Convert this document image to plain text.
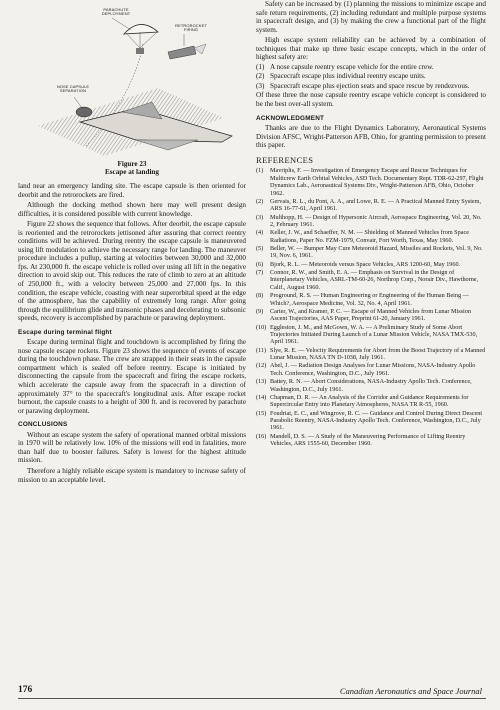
PARACHUTE DEPLOYMENT
RETROROCKET FIRING
NOSE CAPSULE SEPARATION
Figure 23
Escape at landing

land near an emergency landing site. The escape capsule is then oriented for deorbit and the retrorockets are fired.

Although the docking method shown here may well present design difficulties, it is considered possible with current knowledge.

Figure 22 shows the sequence that follows. After deorbit, the escape capsule is reoriented and the retrorockets jettisoned after assuring that correct reentry conditions will be achieved. During reentry the escape capsule is maneuvered using lift modulation to achieve the necessary range for landing. The maneuver procedure includes a pullup, starting at velocities between 30,000 and 32,000 fps. At 230,000 ft. the escape vehicle is rolled over using all lift in the negative direction to avoid skip out. This reduces the rate of climb to zero at an altitude of 250,000 ft., with a velocity between 25,000 and 27,000 fps. In this condition, the escape vehicle, coasting with near superorbital speed at the edge of the atmosphere, has the capability of extremely long range. After going through the equilibrium glide and transonic phases and decelerating to subsonic speeds, recovery is accomplished by parachute or parawing deployment.

Escape during terminal flight

Escape during terminal flight and touchdown is accomplished by firing the nose capsule escape rockets. Figure 23 shows the sequence of events of escape during the touchdown phase. The crew are strapped in their seats in the capsule compartment which is sealed off before reentry. Escape is initiated by disconnecting the capsule from the spacecraft and firing the escape rockets, which accelerate the capsule away from the spacecraft in a direction of approximately 37° to the spacecraft's longitudinal axis. After escape rocket burnout, the capsule coasts to a height of 300 ft. and is recovered by parachute or parawing deployment.

CONCLUSIONS

Without an escape system the safety of operational manned orbital missions in 1970 will be relatively low. 10% of the missions will end in fatalities, more than half due to booster failures. Safety is lowest for the highest altitude mission.

Therefore a highly reliable escape system is mandatory to increase safety of mission to an acceptable level.

Safety can be increased by (1) planning the missions to minimize escape and safe return requirements, (2) including redundant and multiple purpose systems in spacecraft design, and (3) by making the crew a functional part of the flight system.

High escape system reliability can be achieved by a combination of techniques that make up three basic escape concepts, which in the order of highest safety are:

(1) A nose capsule reentry escape vehicle for the entire crew.
(2) Spacecraft escape plus individual reentry escape units.
(3) Spacecraft escape plus ejection seats and space rescue by rendezvous.

Of these three the nose capsule reentry escape vehicle concept is considered to be the best over-all system.

ACKNOWLEDGMENT

Thanks are due to the Flight Dynamics Laboratory, Aeronautical Systems Division AFSC, Wright-Patterson AFB, Ohio, for granting permission to present this paper.

REFERENCES
(1)	Mavriplis, F. — Investigation of Emergency Escape and Rescue Techniques for Multicrew Earth Orbital Vehicles, ASD Tech. Documentary Rept. TDR-62-297, Flight Dynamics Lab., Aeronautical Systems Div., Wright-Patterson AFB, Ohio, October 1962.
(2)	Gervais, R. L., du Pont, A. A., and Lowe, R. E. — A Practical Manned Entry System, ARS 16-77-61, April 1961.
(3)	Multhopp, H. — Design of Hypersonic Aircraft, Aerospace Engineering, Vol. 20, No. 2, February 1961.
(4)	Keller, J. W., and Schaeffer, N. M. — Shielding of Manned Vehicles from Space Radiations, Paper No. FZM-1979, Convair, Fort Worth, Texas, May 1960.
(5)	Beller, W. — Bumper May Cure Meteoroid Hazard, Missiles and Rockets, Vol. 9, No. 19, Nov. 6, 1961.
(6)	Bjork, R. L. — Meteoroids versus Space Vehicles, ARS 1200-60, May 1960.
(7)	Connor, R. W., and Smith, E. A. — Emphasis on Survival in the Design of Interplanetary Vehicles, ASRL-TM-60-26, Northrop Corp., Norair Div., Hawthorne, Calif., August 1960.
(8)	Proground, R. S. — Human Engineering or Engineering of the Human Being — Which?, Aerospace Medicine, Vol. 32, No. 4, April 1961.
(9)	Carter, W., and Kramer, P. C. — Escape of Manned Vehicles from Lunar Mission Ascent Trajectories, AAS Paper, Preprint 61-20, January 1961.
(10) Eggleston, J. M., and McGown, W. A. — A Preliminary Study of Some Abort Trajectories Initiated During Launch of a Lunar Mission Vehicle, NASA TMX-530, April 1961.
(11) Slye, R. E. — Velocity Requirements for Abort from the Boost Trajectory of a Manned Lunar Mission, NASA TN D-1038, July 1961.
(12) Abel, J. — Radiation Design Analyses for Lunar Missions, NASA-Industry Apollo Tech. Conference, Washington, D.C., July 1961.
(13) Battey, R. N. — Abort Considerations, NASA-Industry Apollo Tech. Conference, Washington, D.C., July 1961.
(14) Chapman, D. R. — An Analysis of the Corridor and Guidance Requirements for Supercircular Entry into Planetary Atmospheres, NASA TR R-55, 1960.
(15) Foudriat, E. C., and Wingrove, R. C. — Guidance and Control During Direct Descent Parabolic Reentry, NASA-Industry Apollo Tech. Conference, Washington, D.C., July 1961.
(16) Mandell, D. S. — A Study of the Maneuvering Performance of Lifting Reentry Vehicles, ARS 1555-60, December 1960.
176	Canadian Aeronautics and Space Journal
